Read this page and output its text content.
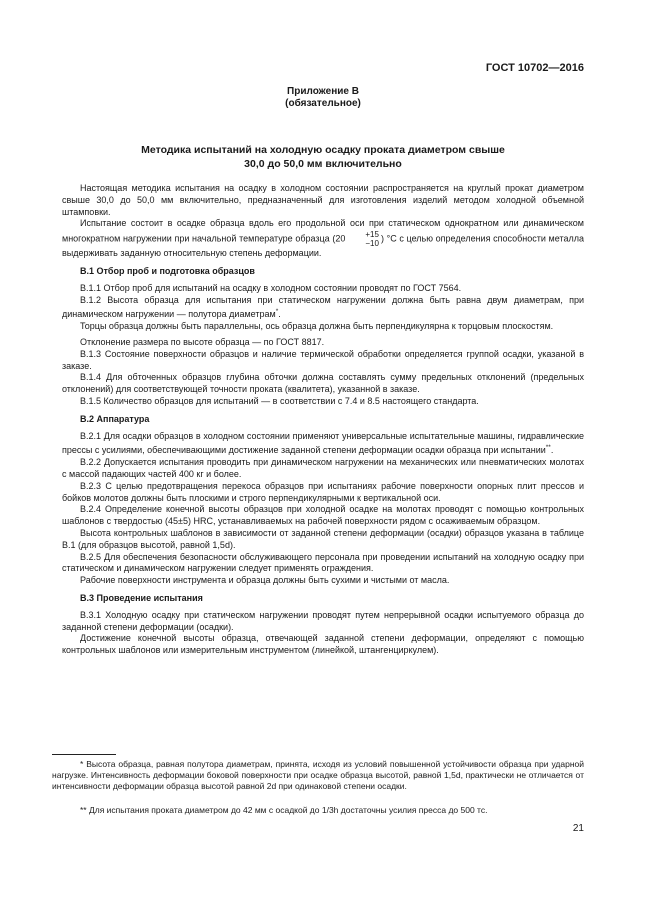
ГОСТ 10702—2016
Приложение В
(обязательное)
Методика испытаний на холодную осадку проката диаметром свыше
30,0 до 50,0 мм включительно

Настоящая методика испытания на осадку в холодном состоянии распространяется на круглый прокат диаметром свыше 30,0 до 50,0 мм включительно, предназначенный для изготовления изделий методом холодной объемной штамповки.

Испытание состоит в осадке образца вдоль его продольной оси при статическом однократном или динамическом многократном нагружении при начальной температуре образца (20	+15
−10
) °С с целью определения способности металла выдерживать заданную относительную степень деформации.

В.1 Отбор проб и подготовка образцов

В.1.1 Отбор проб для испытаний на осадку в холодном состоянии проводят по ГОСТ 7564.

В.1.2 Высота образца для испытания при статическом нагружении должна быть равна двум диаметрам, при динамическом нагружении — полутора диаметрам*.

Торцы образца должны быть параллельны, ось образца должна быть перпендикулярна к торцовым плоскостям.

Отклонение размера по высоте образца — по ГОСТ 8817.

В.1.3 Состояние поверхности образцов и наличие термической обработки определяется группой осадки, указаной в заказе.

В.1.4 Для обточенных образцов глубина обточки должна составлять сумму предельных отклонений (предельных отклонений) для соответствующей точности проката (квалитета), указанной в заказе.

В.1.5 Количество образцов для испытаний — в соответствии с 7.4 и 8.5 настоящего стандарта.

В.2 Аппаратура

В.2.1 Для осадки образцов в холодном состоянии применяют универсальные испытательные машины, гидравлические прессы с усилиями, обеспечивающими достижение заданной степени деформации осадки образца при испытании**.

В.2.2 Допускается испытания проводить при динамическом нагружении на механических или пневматических молотах с массой падающих частей 400 кг и более.

В.2.3 С целью предотвращения перекоса образцов при испытаниях рабочие поверхности опорных плит прессов и бойков молотов должны быть плоскими и строго перпендикулярными к вертикальной оси.

В.2.4 Определение конечной высоты образцов при холодной осадке на молотах проводят с помощью контрольных шаблонов с твердостью (45±5) HRC, устанавливаемых на рабочей поверхности рядом с осаживаемым образцом.

Высота контрольных шаблонов в зависимости от заданной степени деформации (осадки) образцов указана в таблице В.1 (для образцов высотой, равной 1,5d).

В.2.5 Для обеспечения безопасности обслуживающего персонала при проведении испытаний на холодную осадку при статическом и динамическом нагружении следует применять ограждения.

Рабочие поверхности инструмента и образца должны быть сухими и чистыми от масла.

В.3 Проведение испытания

В.3.1 Холодную осадку при статическом нагружении проводят путем непрерывной осадки испытуемого образца до заданной степени деформации (осадки).

Достижение конечной высоты образца, отвечающей заданной степени деформации, определяют с помощью контрольных шаблонов или измерительным инструментом (линейкой, штангенциркулем).

* Высота образца, равная полутора диаметрам, принята, исходя из условий повышенной устойчивости образца при ударной нагрузке. Интенсивность деформации боковой поверхности при осадке образца высотой, равной 1,5d, практически не отличается от интенсивности деформации образца высотой равной 2d при одинаковой степени осадки.
** Для испытания проката диаметром до 42 мм с осадкой до 1/3h достаточны усилия пресса до 500 тс.
21
